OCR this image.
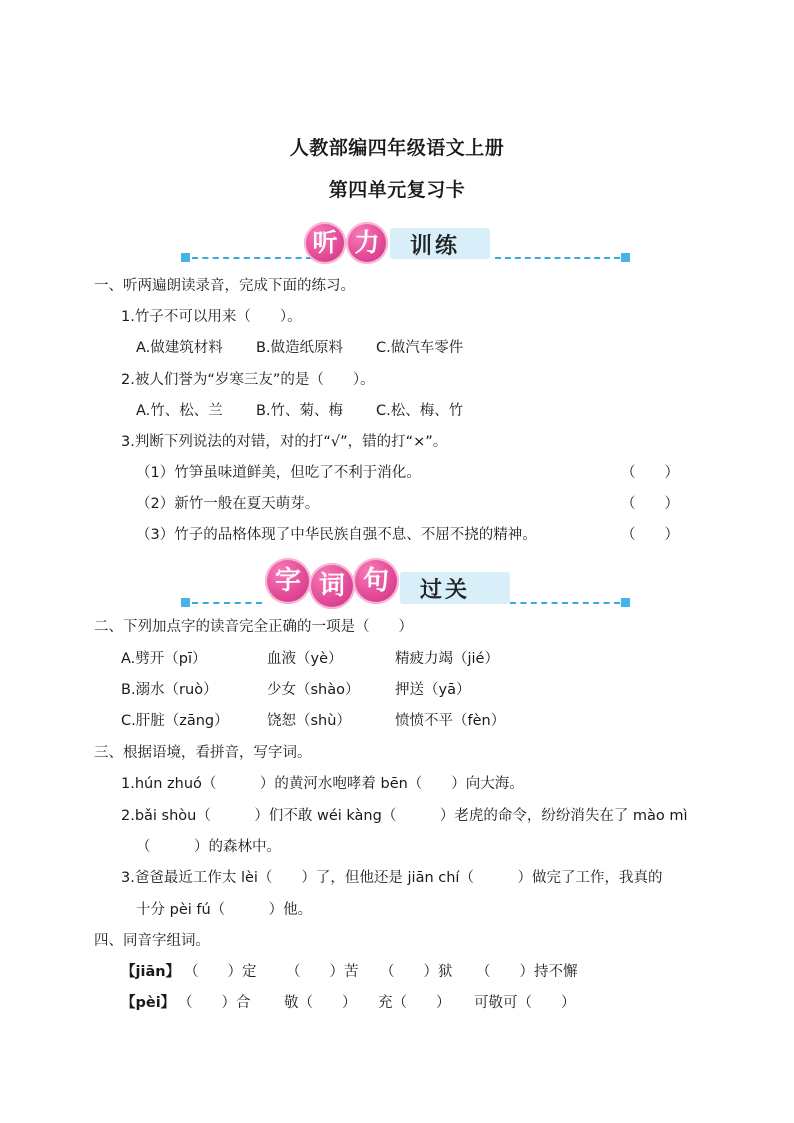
人教部编四年级语文上册
第四单元复习卡
训练
听 力
一、听两遍朗读录音，完成下面的练习。
1.竹子不可以用来（　　）。
A.做建筑材料 B.做造纸原料 C.做汽车零件
2.被人们誉为“岁寒三友”的是（　　）。
A.竹、松、兰 B.竹、菊、梅 C.松、梅、竹
3.判断下列说法的对错，对的打“√”，错的打“×”。
（1）竹笋虽味道鲜美，但吃了不利于消化。	（　　）
（2）新竹一般在夏天萌芽。	（　　）
（3）竹子的品格体现了中华民族自强不息、不屈不挠的精神。	（　　）
过关
字 词 句
二、下列加点字的读音完全正确的一项是（　　）
A.劈开（pī）	血液（yè）	精疲力竭（jié）
B.溺水（ruò）	少女（shào） 押送（yā）
C.肝脏（zāng）	饶恕（shù）	愤愤不平（fèn）
三、根据语境，看拼音，写字词。
1.hún zhuó（　　　）的黄河水咆哮着 bēn（　　）向大海。
2.bǎi shòu（　　　）们不敢 wéi kàng（　　　）老虎的命令，纷纷消失在了 mào mì
（　　　）的森林中。
3.爸爸最近工作太 lèi（　　）了，但他还是 jiān chí（　　　）做完了工作，我真的
十分 pèi fú（　　　）他。
四、同音字组词。
【jiān】 （　　）定 （　　）苦 （　　）狱 （　　）持不懈
【pèi】 （　　）合 敬（　　） 充（　　） 可敬可（　　）
